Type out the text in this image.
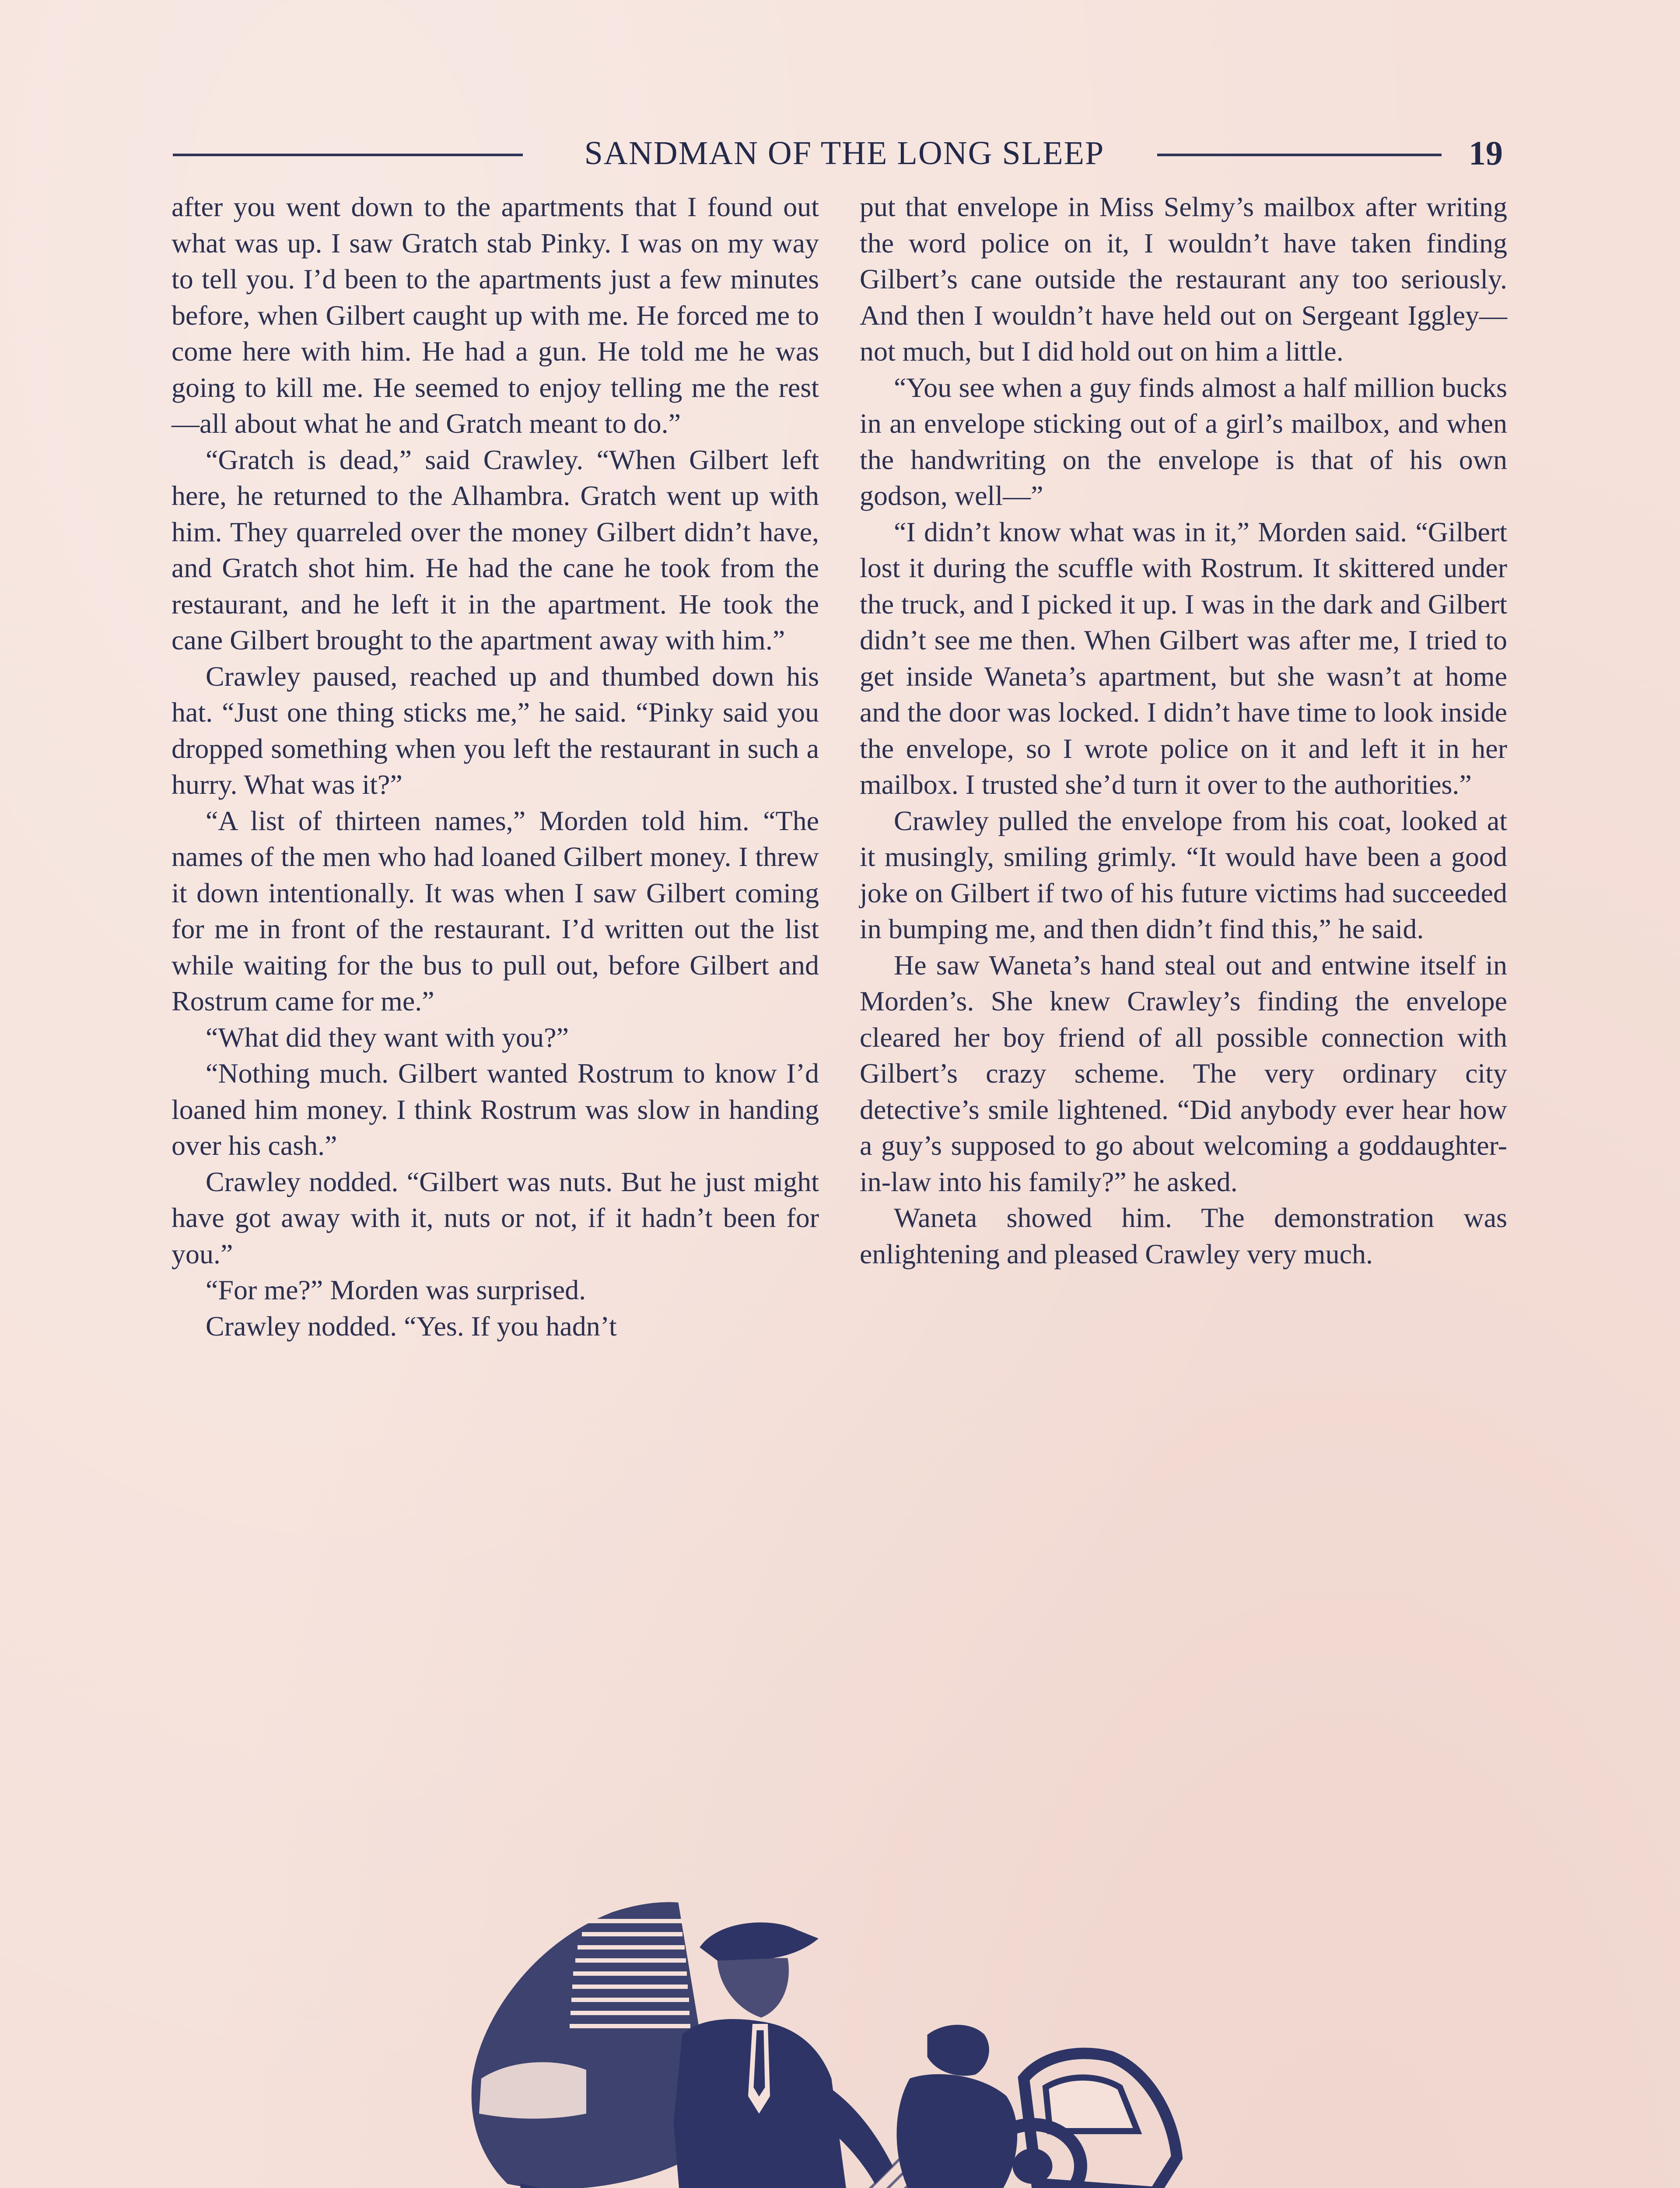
SANDMAN OF THE LONG SLEEP	19

after you went down to the apartments that I found out what was up. I saw Gratch stab Pinky. I was on my way to tell you. I’d been to the apartments just a few minutes before, when Gilbert caught up with me. He forced me to come here with him. He had a gun. He told me he was going to kill me. He seemed to enjoy telling me the rest—all about what he and Gratch meant to do.”

“Gratch is dead,” said Crawley. “When Gilbert left here, he returned to the Alhambra. Gratch went up with him. They quarreled over the money Gilbert didn’t have, and Gratch shot him. He had the cane he took from the restaurant, and he left it in the apartment. He took the cane Gilbert brought to the apartment away with him.”

Crawley paused, reached up and thumbed down his hat. “Just one thing sticks me,” he said. “Pinky said you dropped something when you left the restaurant in such a hurry. What was it?”

“A list of thirteen names,” Morden told him. “The names of the men who had loaned Gilbert money. I threw it down intentionally. It was when I saw Gilbert coming for me in front of the restaurant. I’d written out the list while waiting for the bus to pull out, before Gilbert and Rostrum came for me.”

“What did they want with you?”

“Nothing much. Gilbert wanted Rostrum to know I’d loaned him money. I think Rostrum was slow in handing over his cash.”

Crawley nodded. “Gilbert was nuts. But he just might have got away with it, nuts or not, if it hadn’t been for you.”

“For me?” Morden was surprised.

Crawley nodded. “Yes. If you hadn’t

put that envelope in Miss Selmy’s mailbox after writing the word police on it, I wouldn’t have taken finding Gilbert’s cane outside the restaurant any too seriously. And then I wouldn’t have held out on Sergeant Iggley—not much, but I did hold out on him a little.

“You see when a guy finds almost a half million bucks in an envelope sticking out of a girl’s mailbox, and when the handwriting on the envelope is that of his own godson, well—”

“I didn’t know what was in it,” Morden said. “Gilbert lost it during the scuffle with Rostrum. It skittered under the truck, and I picked it up. I was in the dark and Gilbert didn’t see me then. When Gilbert was after me, I tried to get inside Waneta’s apartment, but she wasn’t at home and the door was locked. I didn’t have time to look inside the envelope, so I wrote police on it and left it in her mailbox. I trusted she’d turn it over to the authorities.”

Crawley pulled the envelope from his coat, looked at it musingly, smiling grimly. “It would have been a good joke on Gilbert if two of his future victims had succeeded in bumping me, and then didn’t find this,” he said.

He saw Waneta’s hand steal out and entwine itself in Morden’s. She knew Crawley’s finding the envelope cleared her boy friend of all possible connection with Gilbert’s crazy scheme. The very ordinary city detective’s smile lightened. “Did anybody ever hear how a guy’s supposed to go about welcoming a goddaughter-in-law into his family?” he asked.

Waneta showed him. The demonstration was enlightening and pleased Crawley very much.
